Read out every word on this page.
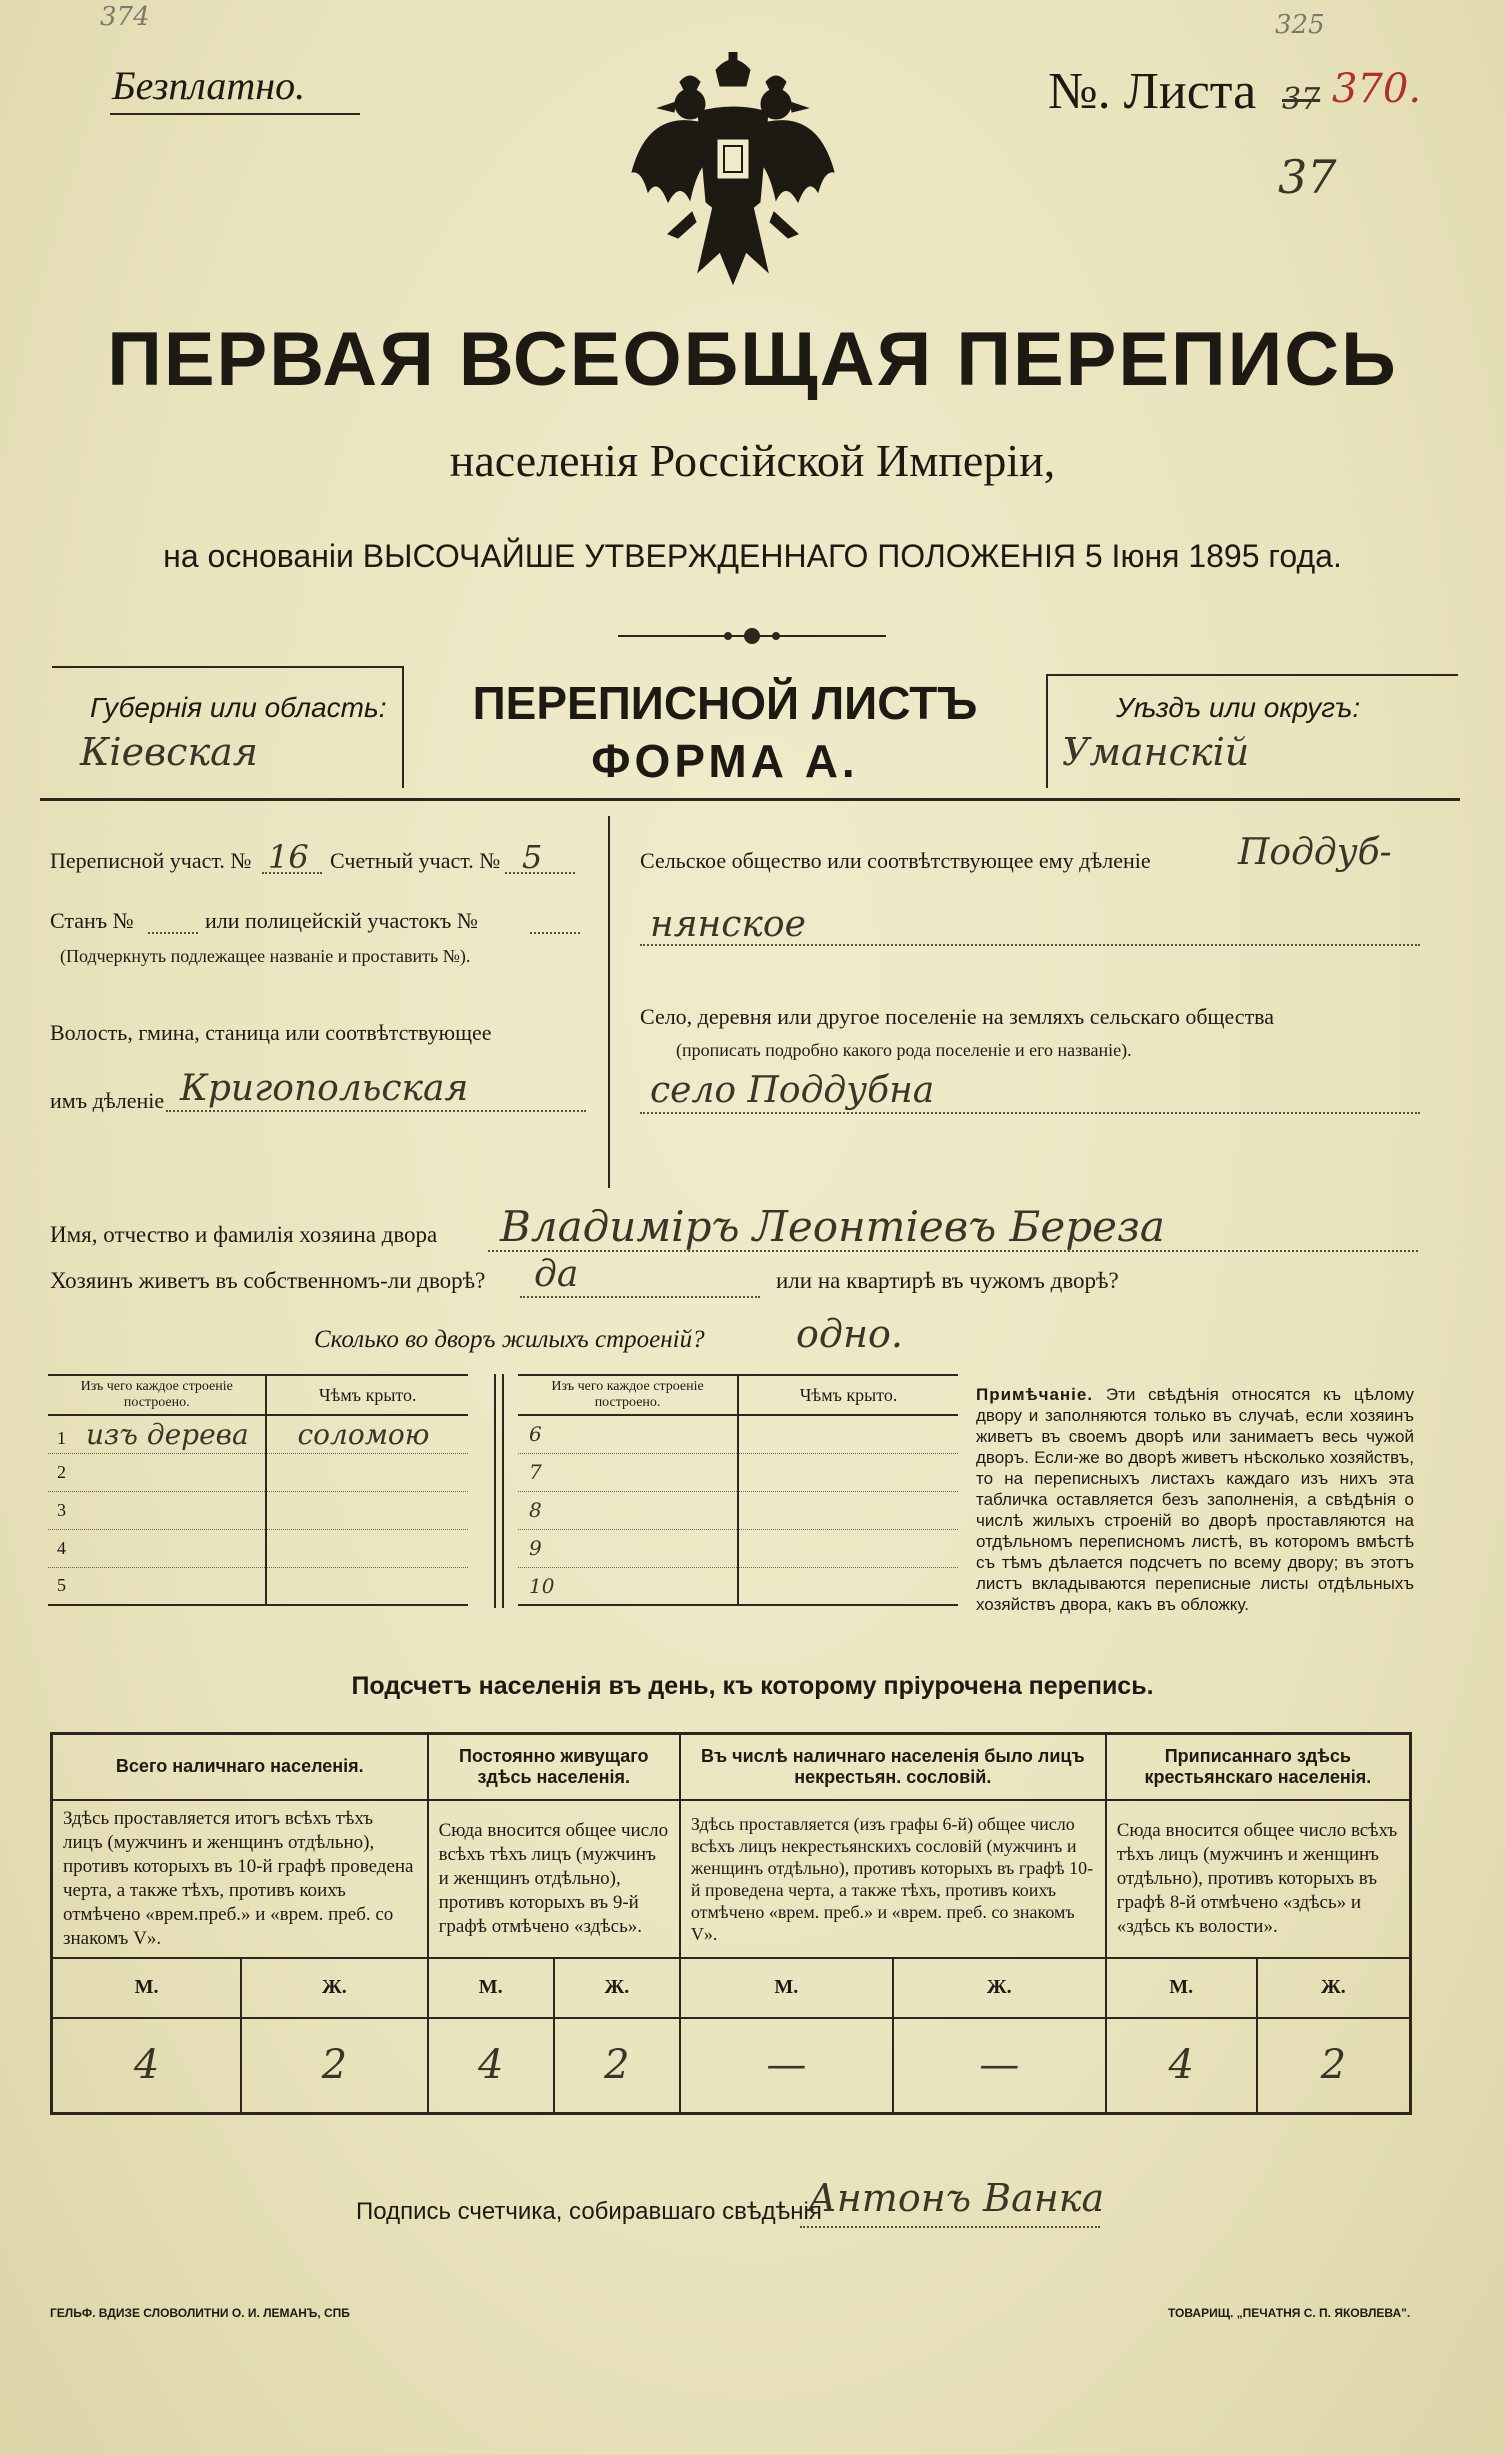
374	325
Безплатно.	№. Листа 37 370.
37
ПЕРВАЯ ВСЕОБЩАЯ ПЕРЕПИСЬ
населенія Россійской Имперіи,
на основаніи ВЫСОЧАЙШЕ УТВЕРЖДЕННАГО ПОЛОЖЕНІЯ 5 Іюня 1895 года.
Губернія или область:
Кіевская
ПЕРЕПИСНОЙ ЛИСТЪ
ФОРМА А.
Уѣздъ или округъ:
Уманскій
Переписной участ. № 16 Счетный участ. № 5
Станъ №	или полицейскій участокъ №
(Подчеркнуть подлежащее названіе и проставить №).
Волость, гмина, станица или соотвѣтствующее
имъ дѣленіе Кригопольская
Сельское общество или соотвѣтствующее ему дѣленіе Поддуб-
нянское
Село, деревня или другое поселеніе на земляхъ сельскаго общества
(прописать подробно какого рода поселеніе и его названіе).
село Поддубна
Имя, отчество и фамилія хозяина двора Владиміръ Леонтіевъ Береза
Хозяинъ живетъ въ собственномъ-ли дворѣ? да	или на квартирѣ въ чужомъ дворѣ?
Сколько во дворъ жилыхъ строеній? одно.
Изъ чего каждое строеніе построено.	Чѣмъ крыто.
1 изъ дерева	соломою
2	
3	
4	
5	
Изъ чего каждое строеніе построено.	Чѣмъ крыто.
6	
7	
8	
9	
10	
Примѣчаніе. Эти свѣдѣнія относятся къ цѣлому двору и заполняются только въ случаѣ, если хозяинъ живетъ въ своемъ дворѣ или занимаетъ весь чужой дворъ. Если-же во дворѣ живетъ нѣсколько хозяйствъ, то на переписныхъ листахъ каждаго изъ нихъ эта табличка оставляется безъ заполненія, а свѣдѣнія о числѣ жилыхъ строеній во дворѣ проставляются на отдѣльномъ переписномъ листѣ, въ которомъ вмѣстѣ съ тѣмъ дѣлается подсчетъ по всему двору; въ этотъ листъ вкладываются переписные листы отдѣльныхъ хозяйствъ двора, какъ въ обложку.
Подсчетъ населенія въ день, къ которому пріурочена перепись.
Всего наличнаго населенія.		Постоянно живущаго здѣсь населенія.		Въ числѣ наличнаго населенія было лицъ некрестьян. сословій.		Приписаннаго здѣсь крестьянскаго населенія.	
Здѣсь проставляется итогъ всѣхъ тѣхъ лицъ (мужчинъ и женщинъ отдѣльно), противъ которыхъ въ 10-й графѣ проведена черта, а также тѣхъ, противъ коихъ отмѣчено «врем.преб.» и «врем. преб. со знакомъ V».		Сюда вносится общее число всѣхъ тѣхъ лицъ (мужчинъ и женщинъ отдѣльно), противъ которыхъ въ 9-й графѣ отмѣчено «здѣсь».		Здѣсь проставляется (изъ графы 6-й) общее число всѣхъ лицъ некрестьянскихъ сословій (мужчинъ и женщинъ отдѣльно), противъ которыхъ въ графѣ 10-й проведена черта, а также тѣхъ, противъ коихъ отмѣчено «врем. преб.» и «врем. преб. со знакомъ V».		Сюда вносится общее число всѣхъ тѣхъ лицъ (мужчинъ и женщинъ отдѣльно), противъ которыхъ въ графѣ 8-й отмѣчено «здѣсь» и «здѣсь къ волости».	
М.	Ж.	М.	Ж.	М.	Ж.	М.	Ж.
4	2	4	2	—	—	4	2
Подпись счетчика, собиравшаго свѣдѣнія
Антонъ Ванка
ГЕЛЬФ. ВДИЗЕ СЛОВОЛИТНИ О. И. ЛЕМАНЪ, СПБ	ТОВАРИЩ. „ПЕЧАТНЯ С. П. ЯКОВЛЕВА".
